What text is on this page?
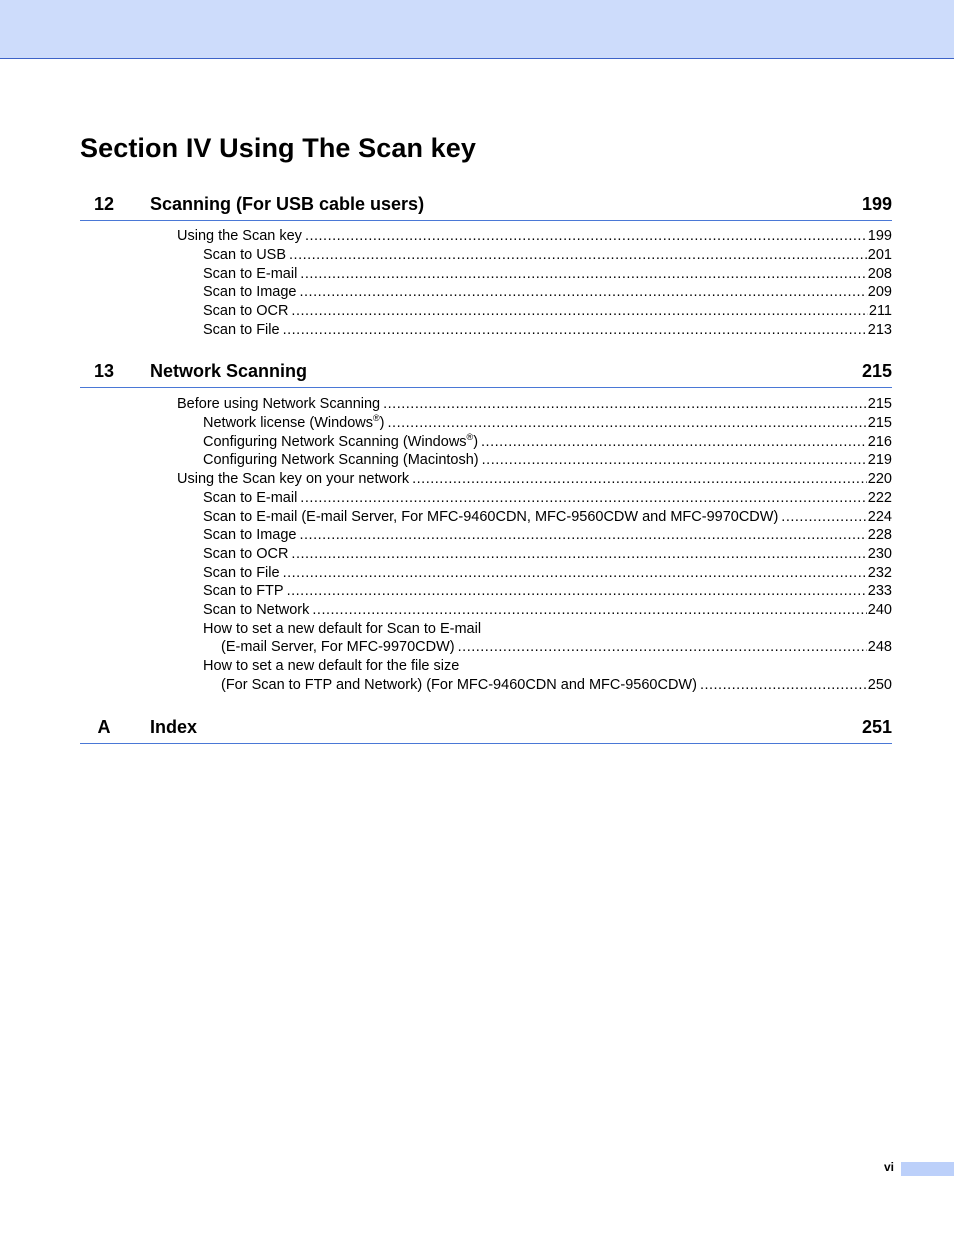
Section IV Using The Scan key
12	Scanning (For USB cable users)	199
Using the Scan key .....	199
Scan to USB .....	201
Scan to E-mail .....	208
Scan to Image .....	209
Scan to OCR .....	211
Scan to File .....	213
13	Network Scanning	215
Before using Network Scanning .....	215
Network license (Windows®) .....	215
Configuring Network Scanning (Windows®) .....	216
Configuring Network Scanning (Macintosh) .....	219
Using the Scan key on your network .....	220
Scan to E-mail .....	222
Scan to E-mail (E-mail Server, For MFC-9460CDN, MFC-9560CDW and MFC-9970CDW) .....	224
Scan to Image .....	228
Scan to OCR .....	230
Scan to File .....	232
Scan to FTP .....	233
Scan to Network .....	240
How to set a new default for Scan to E-mail
(E-mail Server, For MFC-9970CDW) .....	248
How to set a new default for the file size
(For Scan to FTP and Network) (For MFC-9460CDN and MFC-9560CDW) .....	250
A	Index	251
vi
